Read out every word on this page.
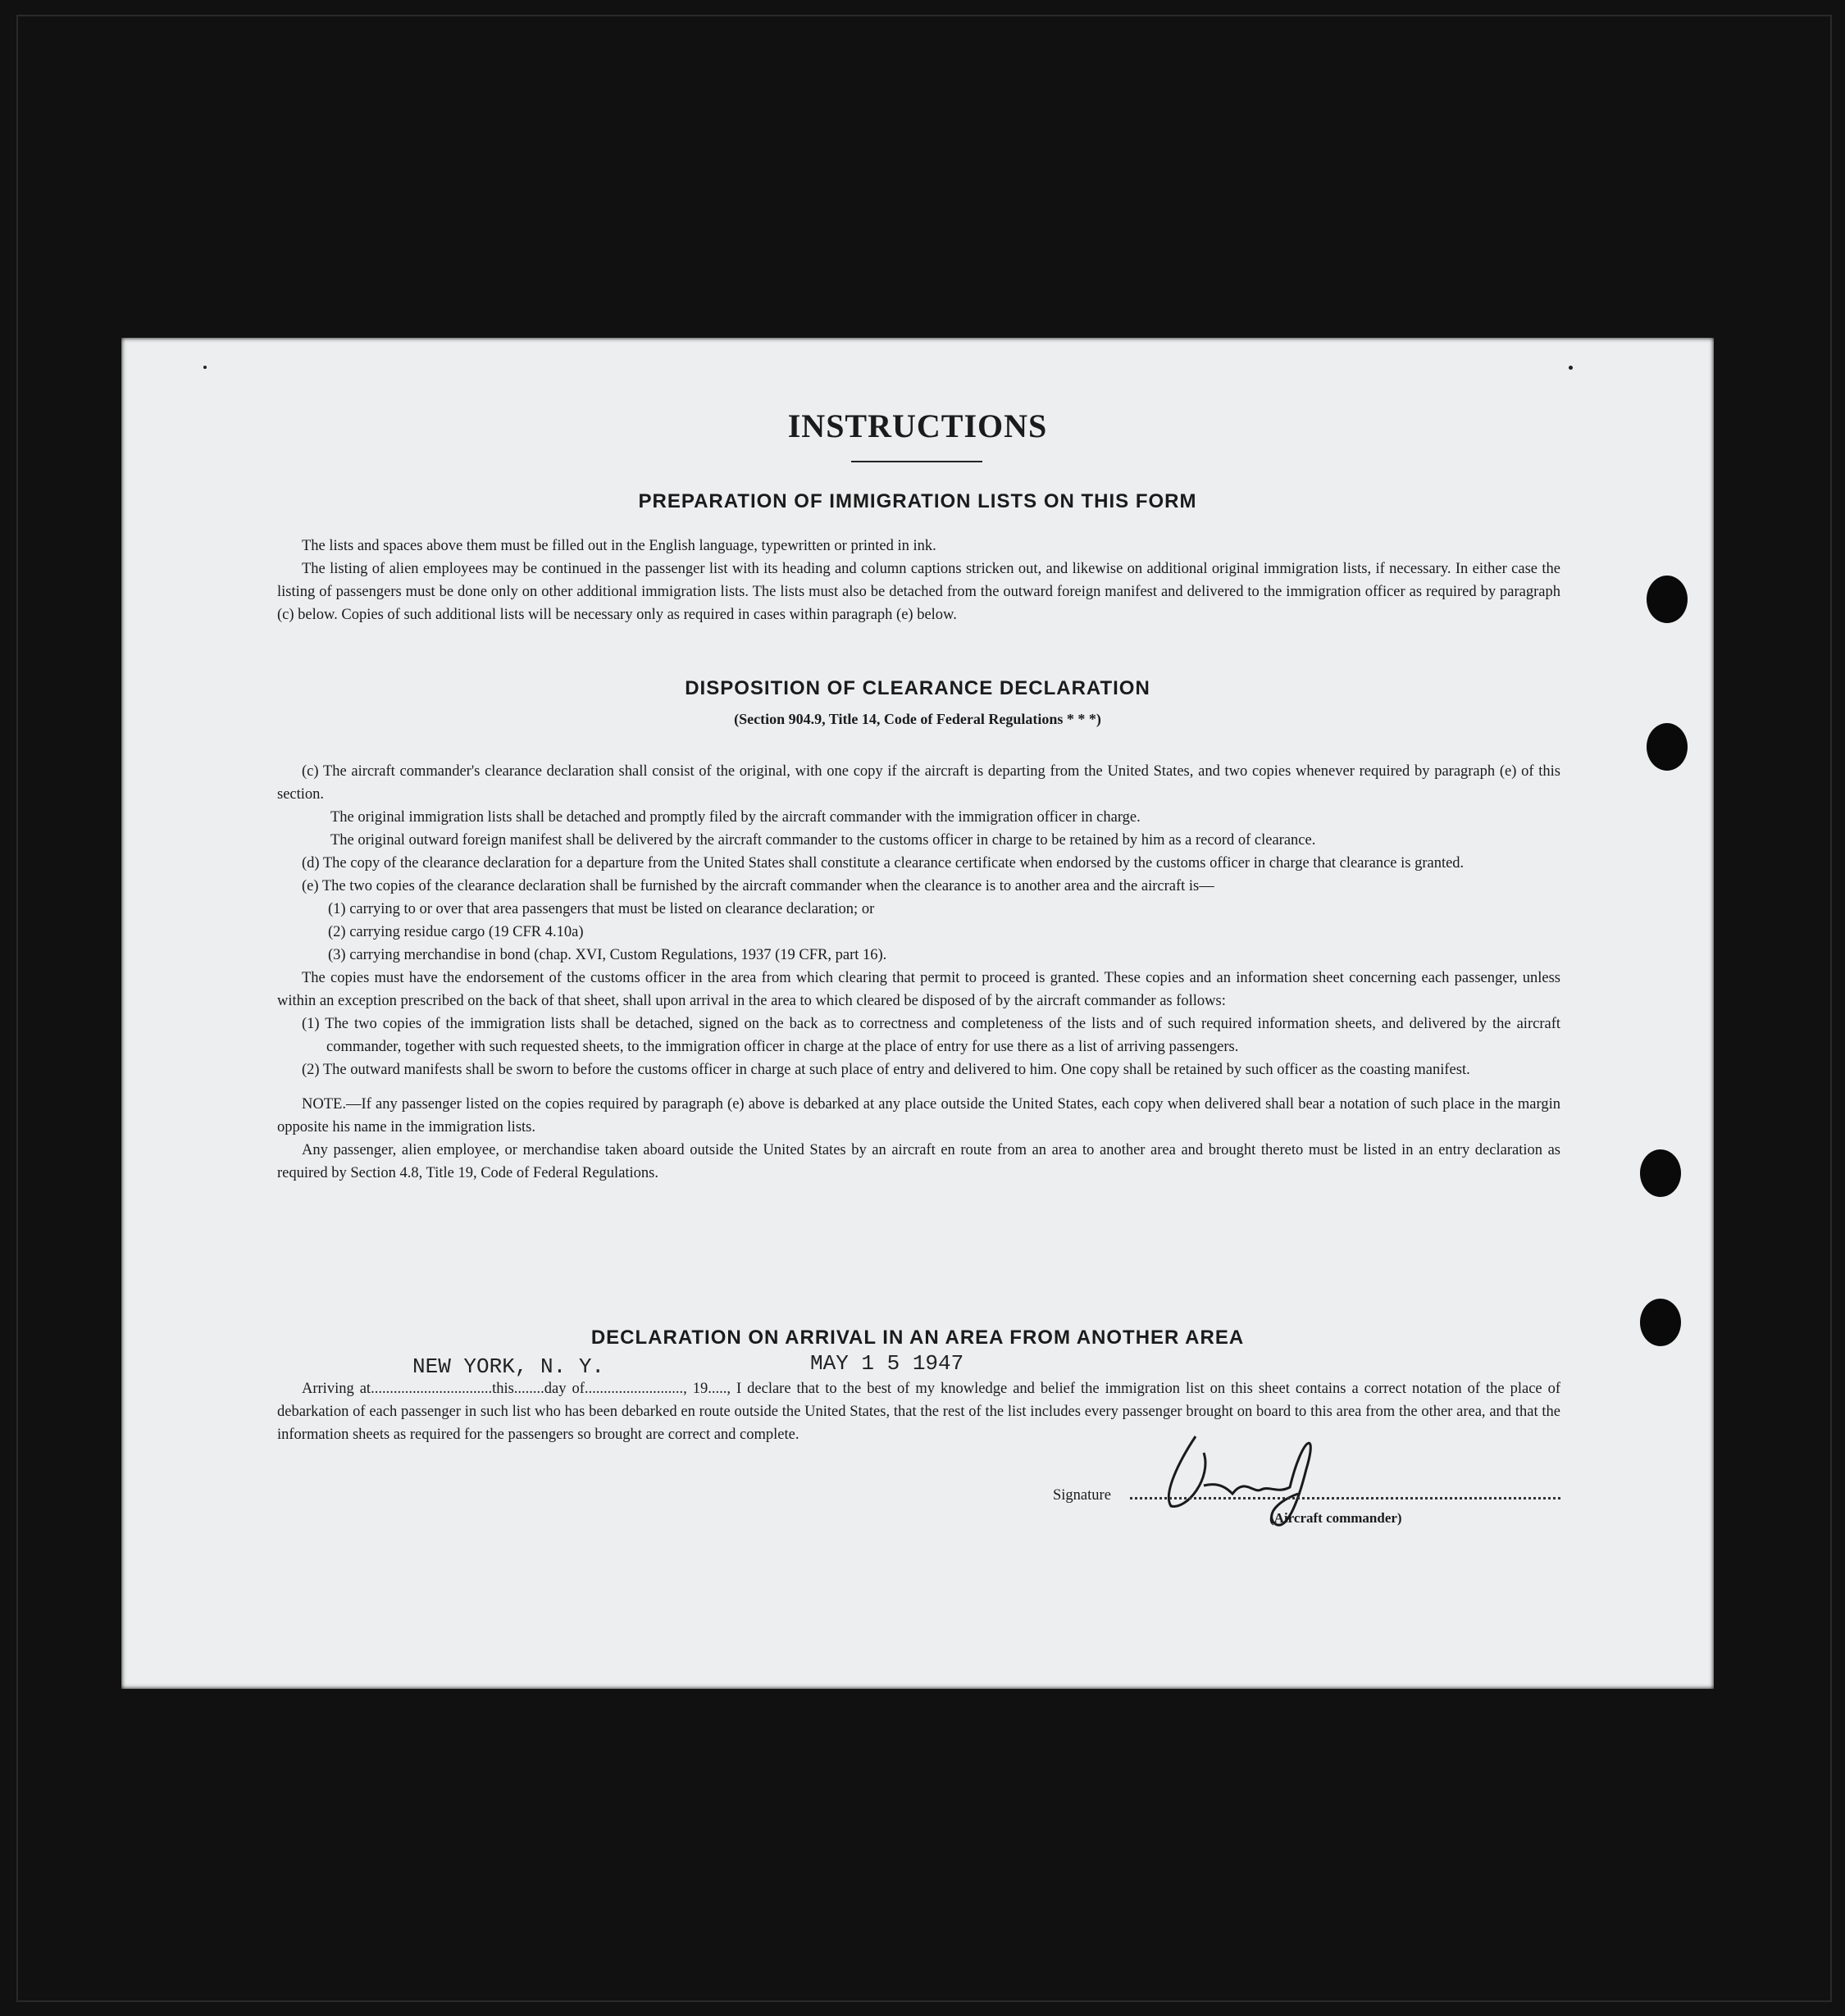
INSTRUCTIONS
PREPARATION OF IMMIGRATION LISTS ON THIS FORM

The lists and spaces above them must be filled out in the English language, typewritten or printed in ink.

The listing of alien employees may be continued in the passenger list with its heading and column captions stricken out, and likewise on additional original immigration lists, if necessary. In either case the listing of passengers must be done only on other additional immigration lists. The lists must also be detached from the outward foreign manifest and delivered to the immigration officer as required by paragraph (c) below. Copies of such additional lists will be necessary only as required in cases within paragraph (e) below.

DISPOSITION OF CLEARANCE DECLARATION
(Section 904.9, Title 14, Code of Federal Regulations * * *)

(c) The aircraft commander's clearance declaration shall consist of the original, with one copy if the aircraft is departing from the United States, and two copies whenever required by paragraph (e) of this section.

The original immigration lists shall be detached and promptly filed by the aircraft commander with the immigration officer in charge.

The original outward foreign manifest shall be delivered by the aircraft commander to the customs officer in charge to be retained by him as a record of clearance.

(d) The copy of the clearance declaration for a departure from the United States shall constitute a clearance certificate when endorsed by the customs officer in charge that clearance is granted.

(e) The two copies of the clearance declaration shall be furnished by the aircraft commander when the clearance is to another area and the aircraft is—

(1) carrying to or over that area passengers that must be listed on clearance declaration; or

(2) carrying residue cargo (19 CFR 4.10a)

(3) carrying merchandise in bond (chap. XVI, Custom Regulations, 1937 (19 CFR, part 16).

The copies must have the endorsement of the customs officer in the area from which clearing that permit to proceed is granted. These copies and an information sheet concerning each passenger, unless within an exception prescribed on the back of that sheet, shall upon arrival in the area to which cleared be disposed of by the aircraft commander as follows:

(1) The two copies of the immigration lists shall be detached, signed on the back as to correctness and completeness of the lists and of such required information sheets, and delivered by the aircraft commander, together with such requested sheets, to the immigration officer in charge at the place of entry for use there as a list of arriving passengers.

(2) The outward manifests shall be sworn to before the customs officer in charge at such place of entry and delivered to him. One copy shall be retained by such officer as the coasting manifest.

NOTE.—If any passenger listed on the copies required by paragraph (e) above is debarked at any place outside the United States, each copy when delivered shall bear a notation of such place in the margin opposite his name in the immigration lists.

Any passenger, alien employee, or merchandise taken aboard outside the United States by an aircraft en route from an area to another area and brought thereto must be listed in an entry declaration as required by Section 4.8, Title 19, Code of Federal Regulations.

DECLARATION ON ARRIVAL IN AN AREA FROM ANOTHER AREA
NEW YORK, N. Y.	MAY 1 5 1947

Arriving at................................this........day of.........................., 19....., I declare that to the best of my knowledge and belief the immigration list on this sheet contains a correct notation of the place of debarkation of each passenger in such list who has been debarked en route outside the United States, that the rest of the list includes every passenger brought on board to this area from the other area, and that the information sheets as required for the passengers so brought are correct and complete.

Signature
(Aircraft commander)
